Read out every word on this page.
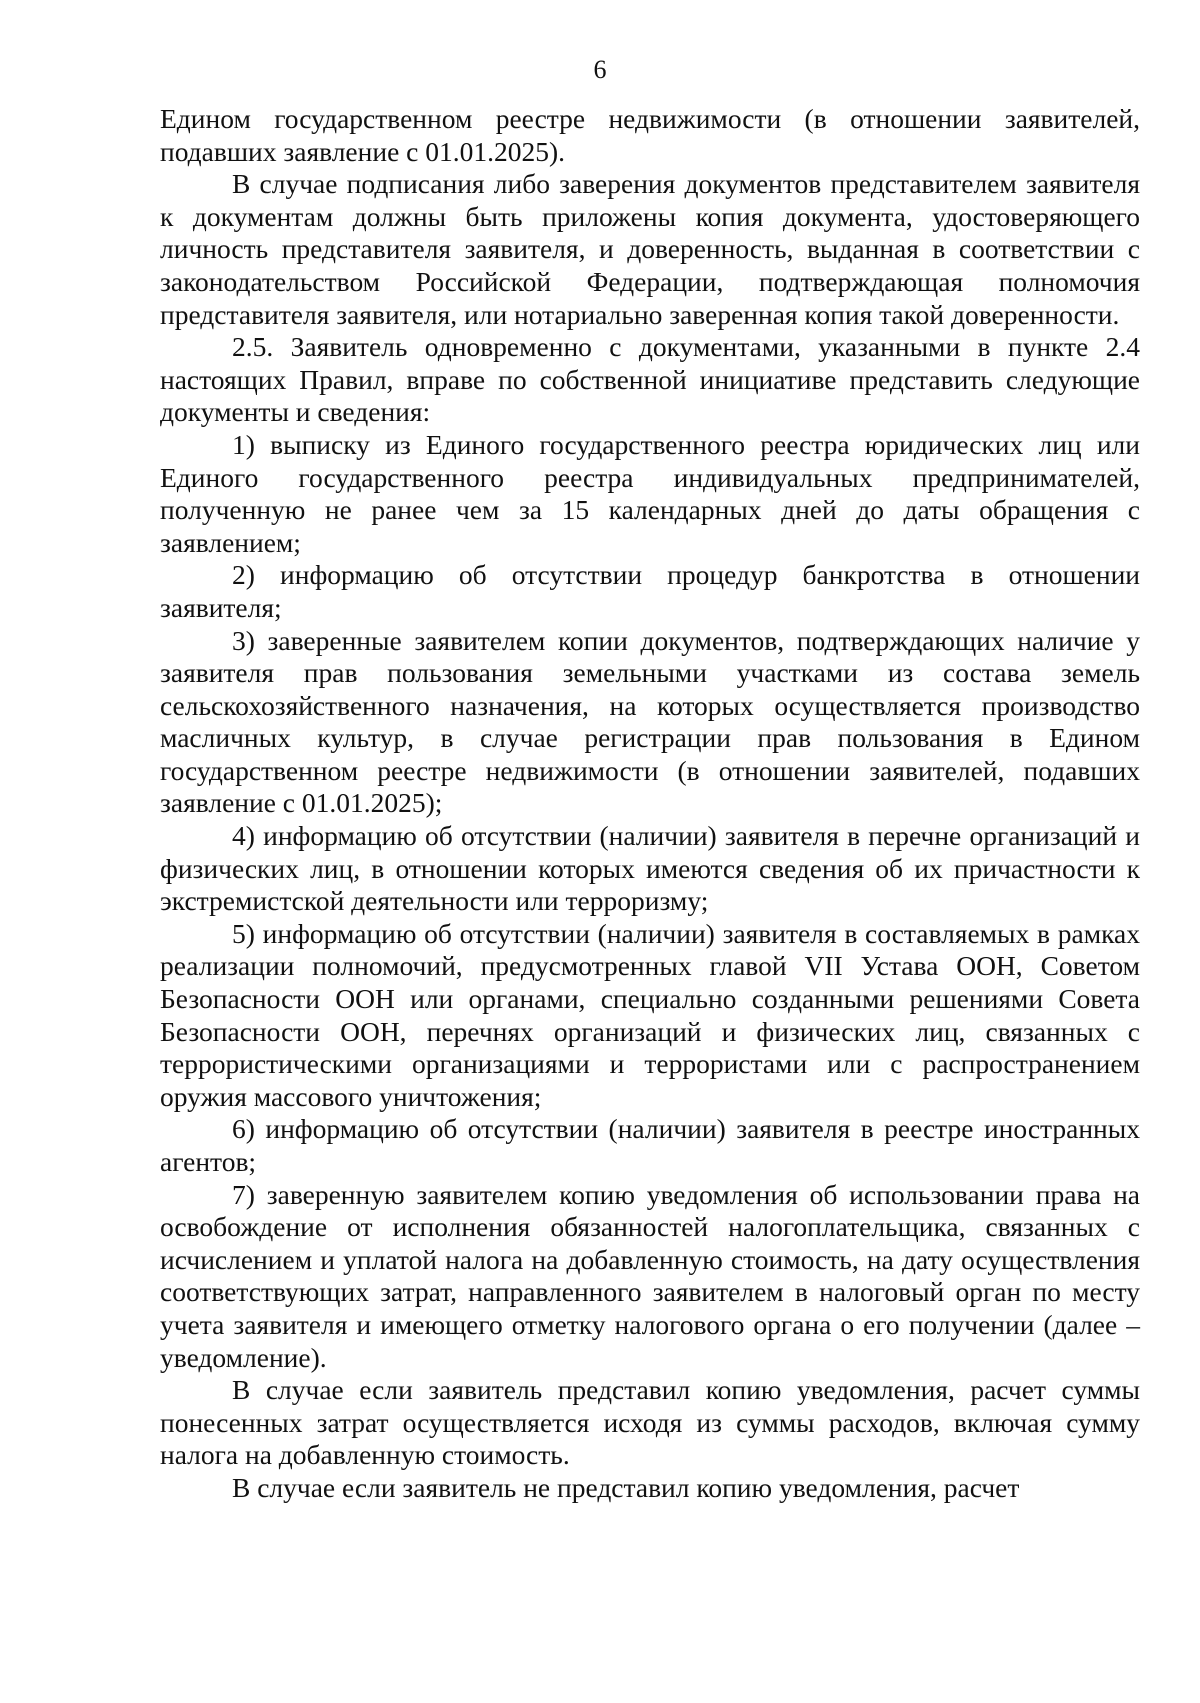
6

Едином государственном реестре недвижимости (в отношении заявителей, подавших заявление с 01.01.2025).

В случае подписания либо заверения документов представителем заявителя к документам должны быть приложены копия документа, удостоверяющего личность представителя заявителя, и доверенность, выданная в соответствии с законодательством Российской Федерации, подтверждающая полномочия представителя заявителя, или нотариально заверенная копия такой доверенности.

2.5. Заявитель одновременно с документами, указанными в пункте 2.4 настоящих Правил, вправе по собственной инициативе представить следующие документы и сведения:

1) выписку из Единого государственного реестра юридических лиц или Единого государственного реестра индивидуальных предпринимателей, полученную не ранее чем за 15 календарных дней до даты обращения с заявлением;

2) информацию об отсутствии процедур банкротства в отношении заявителя;

3) заверенные заявителем копии документов, подтверждающих наличие у заявителя прав пользования земельными участками из состава земель сельскохозяйственного назначения, на которых осуществляется производство масличных культур, в случае регистрации прав пользования в Едином государственном реестре недвижимости (в отношении заявителей, подавших заявление с 01.01.2025);

4) информацию об отсутствии (наличии) заявителя в перечне организаций и физических лиц, в отношении которых имеются сведения об их причастности к экстремистской деятельности или терроризму;

5) информацию об отсутствии (наличии) заявителя в составляемых в рамках реализации полномочий, предусмотренных главой VII Устава ООН, Советом Безопасности ООН или органами, специально созданными решениями Совета Безопасности ООН, перечнях организаций и физических лиц, связанных с террористическими организациями и террористами или с распространением оружия массового уничтожения;

6) информацию об отсутствии (наличии) заявителя в реестре иностранных агентов;

7) заверенную заявителем копию уведомления об использовании права на освобождение от исполнения обязанностей налогоплательщика, связанных с исчислением и уплатой налога на добавленную стоимость, на дату осуществления соответствующих затрат, направленного заявителем в налоговый орган по месту учета заявителя и имеющего отметку налогового органа о его получении (далее – уведомление).

В случае если заявитель представил копию уведомления, расчет суммы понесенных затрат осуществляется исходя из суммы расходов, включая сумму налога на добавленную стоимость.

В случае если заявитель не представил копию уведомления, расчет
